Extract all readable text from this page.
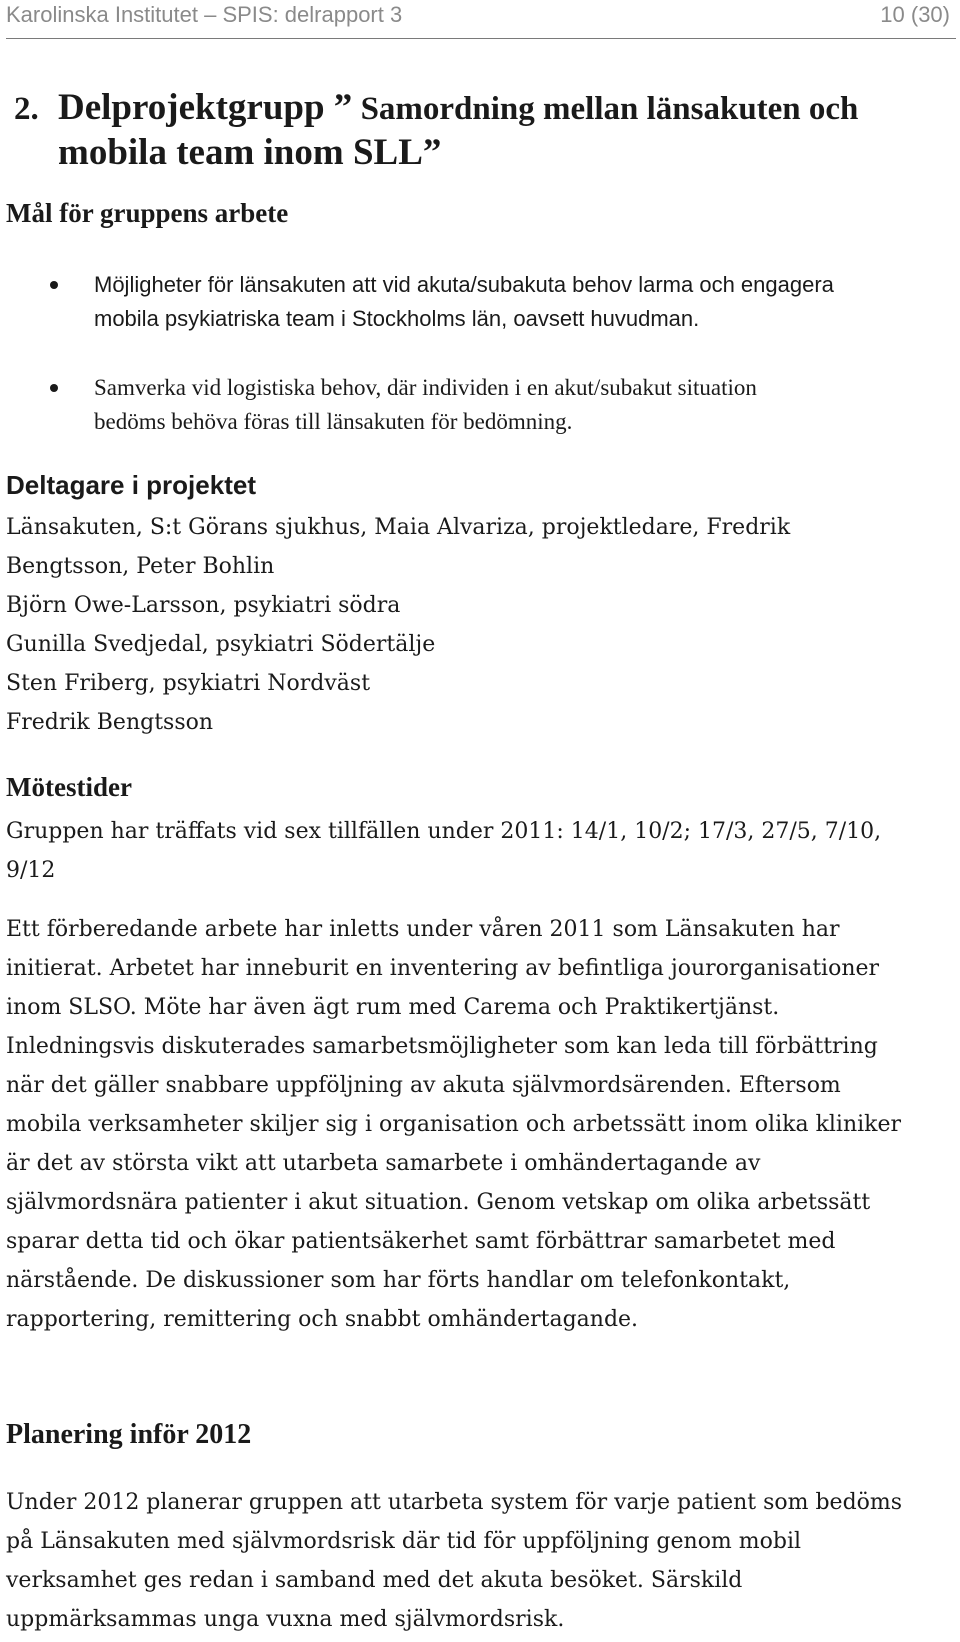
Karolinska Institutet – SPIS: delrapport 3	10 (30)
2. Delprojektgrupp ” Samordning mellan länsakuten och
mobila team inom SLL”
Mål för gruppens arbete
Möjligheter för länsakuten att vid akuta/subakuta behov larma och engagera
mobila psykiatriska team i Stockholms län, oavsett huvudman.
Samverka vid logistiska behov, där individen i en akut/subakut situation
bedöms behöva föras till länsakuten för bedömning.
Deltagare i projektet
Länsakuten, S:t Görans sjukhus, Maia Alvariza, projektledare, Fredrik
Bengtsson, Peter Bohlin
Björn Owe-Larsson, psykiatri södra
Gunilla Svedjedal, psykiatri Södertälje
Sten Friberg, psykiatri Nordväst
Fredrik Bengtsson
Mötestider
Gruppen har träffats vid sex tillfällen under 2011: 14/1, 10/2; 17/3, 27/5, 7/10,
9/12
Ett förberedande arbete har inletts under våren 2011 som Länsakuten har
initierat. Arbetet har inneburit en inventering av befintliga jourorganisationer
inom SLSO. Möte har även ägt rum med Carema och Praktikertjänst.
Inledningsvis diskuterades samarbetsmöjligheter som kan leda till förbättring
när det gäller snabbare uppföljning av akuta självmordsärenden. Eftersom
mobila verksamheter skiljer sig i organisation och arbetssätt inom olika kliniker
är det av största vikt att utarbeta samarbete i omhändertagande av
självmordsnära patienter i akut situation. Genom vetskap om olika arbetssätt
sparar detta tid och ökar patientsäkerhet samt förbättrar samarbetet med
närstående. De diskussioner som har förts handlar om telefonkontakt,
rapportering, remittering och snabbt omhändertagande.
Planering inför 2012
Under 2012 planerar gruppen att utarbeta system för varje patient som bedöms
på Länsakuten med självmordsrisk där tid för uppföljning genom mobil
verksamhet ges redan i samband med det akuta besöket. Särskild
uppmärksammas unga vuxna med självmordsrisk.
